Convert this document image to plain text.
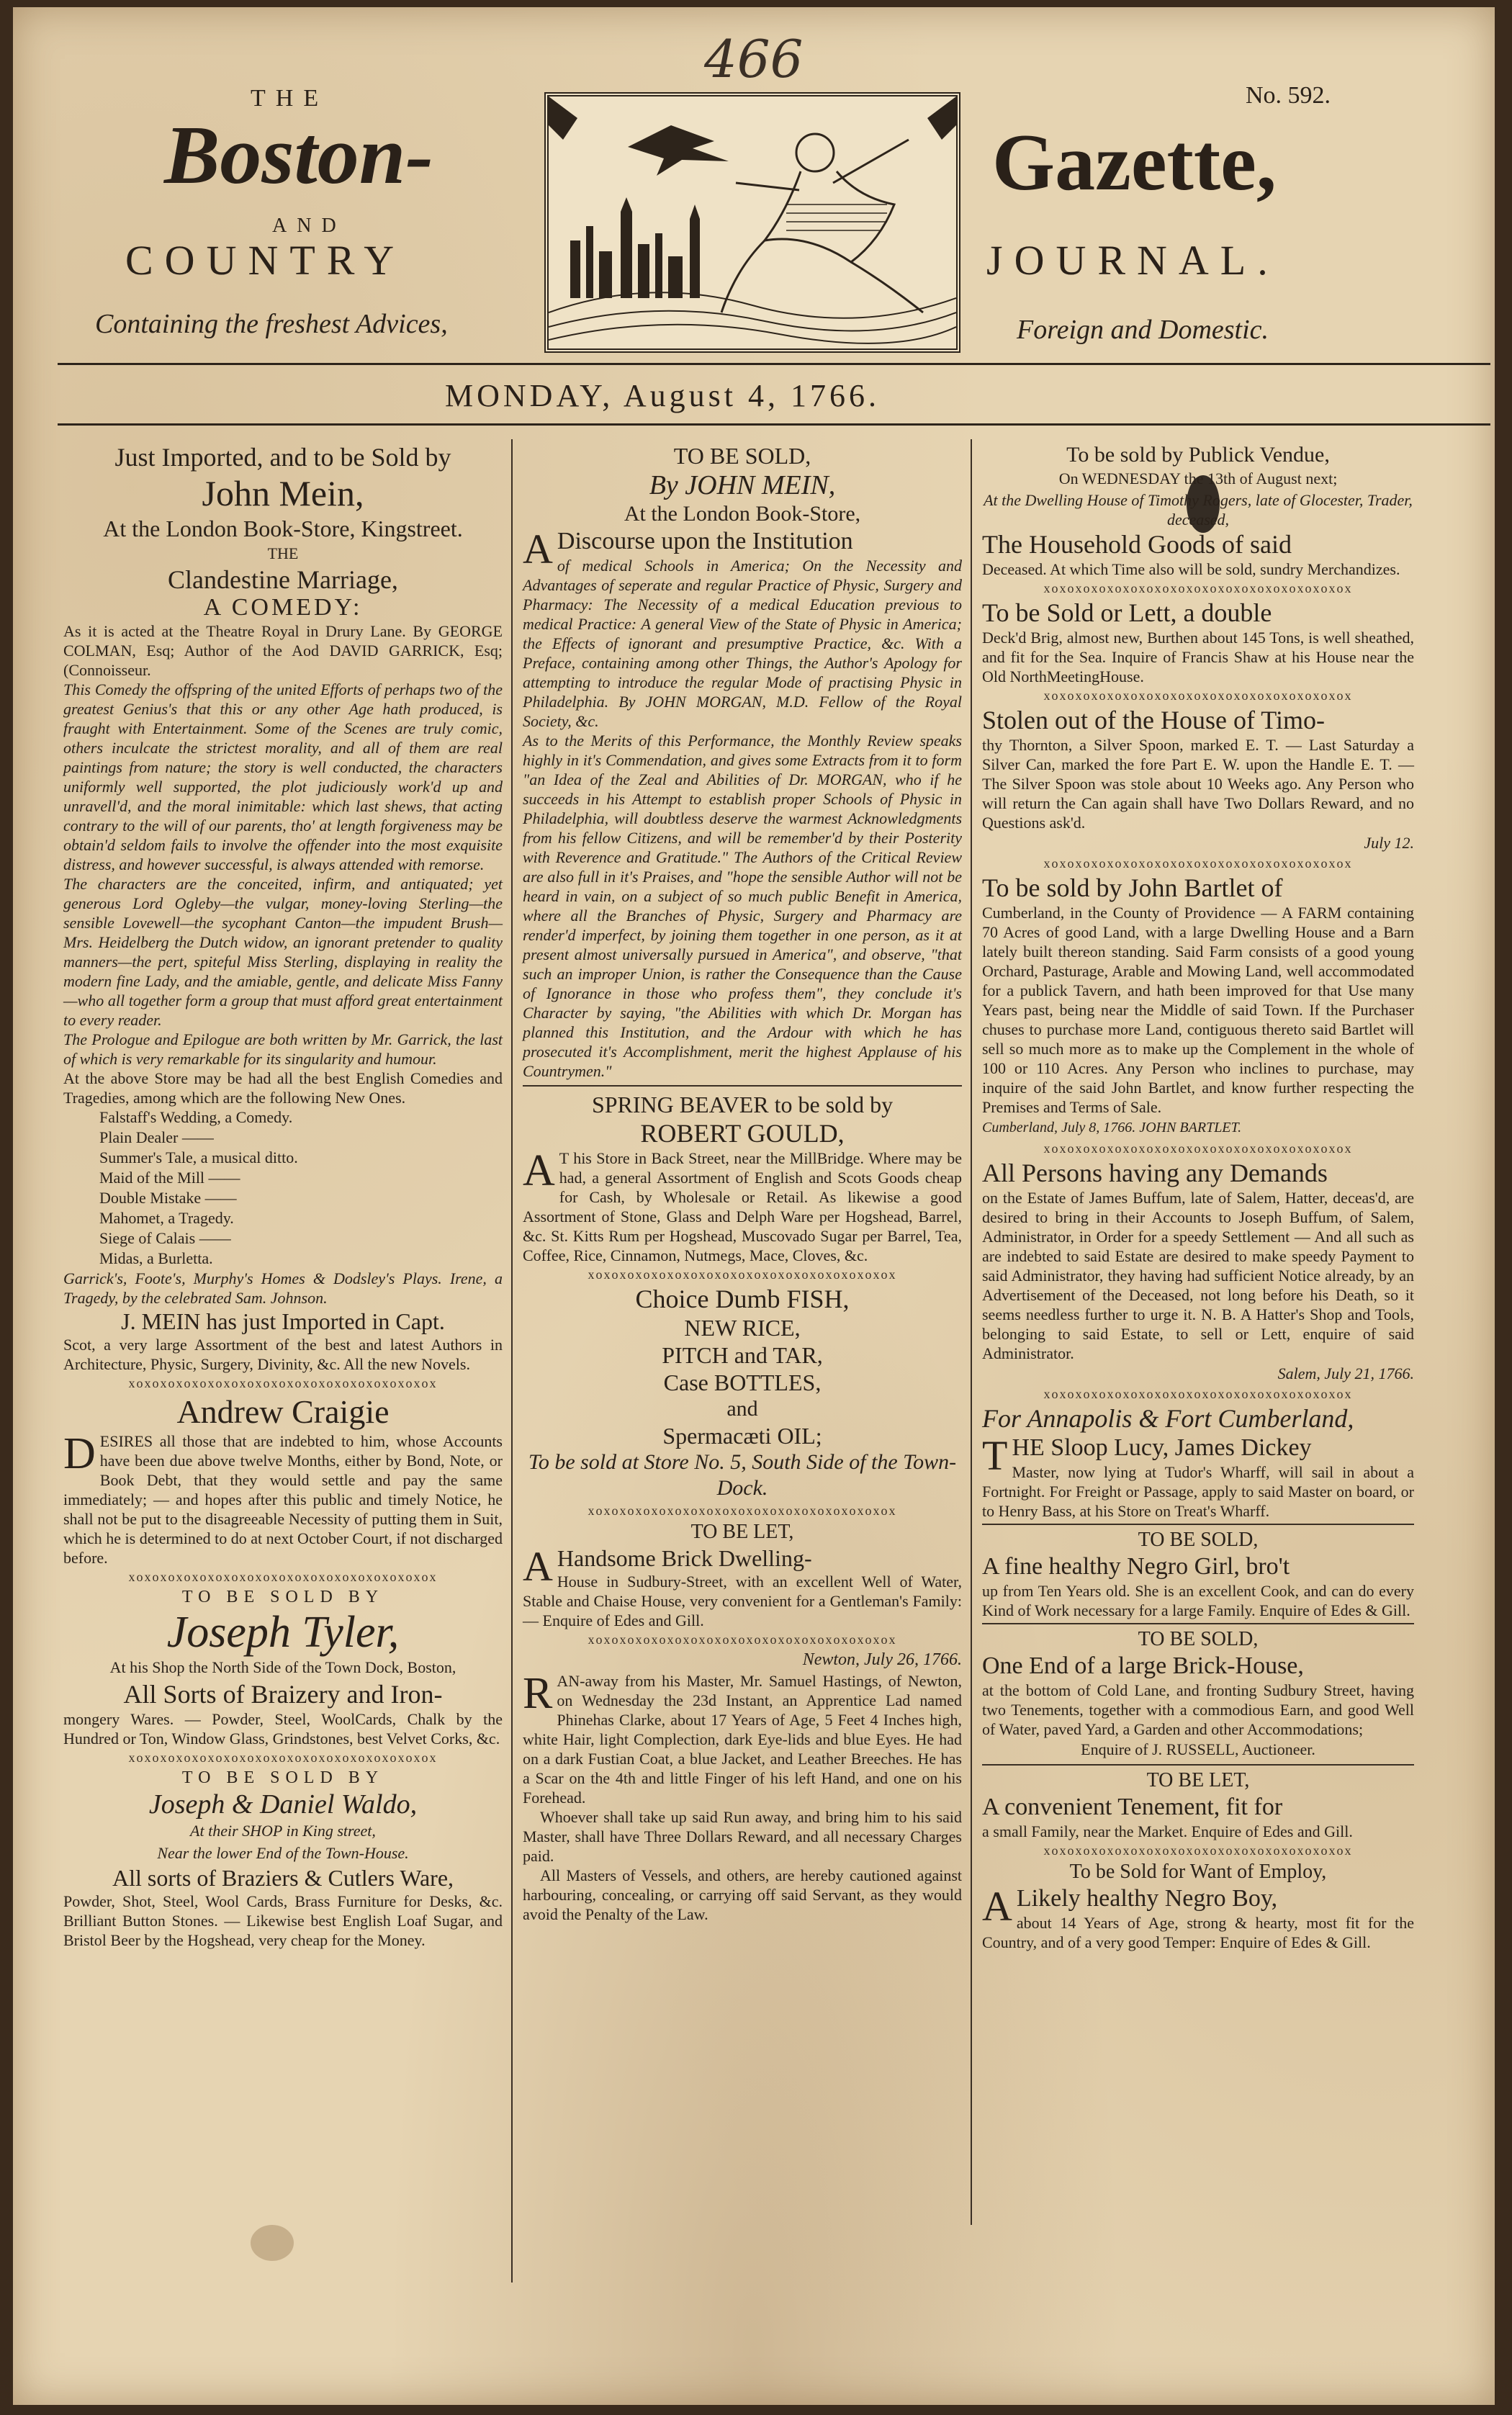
466
No. 592.
THE
Boston-
AND
COUNTRY
Gazette,
JOURNAL.
Containing the freshest Advices,	Foreign and Domestic.
MONDAY, August 4, 1766.

Just Imported, and to be Sold by

John Mein,

At the London Book-Store, Kingstreet.

THE

Clandestine Marriage,

A COMEDY:

As it is acted at the Theatre Royal in Drury Lane. By GEORGE COLMAN, Esq; Author of the Aod DAVID GARRICK, Esq; (Connoisseur.

This Comedy the offspring of the united Efforts of perhaps two of the greatest Genius's that this or any other Age hath produced, is fraught with Entertainment. Some of the Scenes are truly comic, others inculcate the strictest morality, and all of them are real paintings from nature; the story is well conducted, the characters uniformly well supported, the plot judiciously work'd up and unravell'd, and the moral inimitable: which last shews, that acting contrary to the will of our parents, tho' at length forgiveness may be obtain'd seldom fails to involve the offender into the most exquisite distress, and however successful, is always attended with remorse.

The characters are the conceited, infirm, and antiquated; yet generous Lord Ogleby—the vulgar, money-loving Sterling—the sensible Lovewell—the sycophant Canton—the impudent Brush—Mrs. Heidelberg the Dutch widow, an ignorant pretender to quality manners—the pert, spiteful Miss Sterling, displaying in reality the modern fine Lady, and the amiable, gentle, and delicate Miss Fanny—who all together form a group that must afford great entertainment to every reader.

The Prologue and Epilogue are both written by Mr. Garrick, the last of which is very remarkable for its singularity and humour.

At the above Store may be had all the best English Comedies and Tragedies, among which are the following New Ones.

Falstaff's Wedding, a Comedy.

Plain Dealer ——

Summer's Tale, a musical ditto.

Maid of the Mill ——

Double Mistake ——

Mahomet, a Tragedy.

Siege of Calais ——

Midas, a Burletta.

Garrick's, Foote's, Murphy's Homes & Dodsley's Plays. Irene, a Tragedy, by the celebrated Sam. Johnson.

J. MEIN has just Imported in Capt.

Scot, a very large Assortment of the best and latest Authors in Architecture, Physic, Surgery, Divinity, &c. All the new Novels.

xoxoxoxoxoxoxoxoxoxoxoxoxoxoxoxoxoxoxox

Andrew Craigie

DESIRES all those that are indebted to him, whose Accounts have been due above twelve Months, either by Bond, Note, or Book Debt, that they would settle and pay the same immediately; — and hopes after this public and timely Notice, he shall not be put to the disagreeable Necessity of putting them in Suit, which he is determined to do at next October Court, if not discharged before.

xoxoxoxoxoxoxoxoxoxoxoxoxoxoxoxoxoxoxox

TO BE SOLD BY

Joseph Tyler,

At his Shop the North Side of the Town Dock, Boston,

All Sorts of Braizery and Iron-

mongery Wares. — Powder, Steel, WoolCards, Chalk by the Hundred or Ton, Window Glass, Grindstones, best Velvet Corks, &c.

xoxoxoxoxoxoxoxoxoxoxoxoxoxoxoxoxoxoxox

TO BE SOLD BY

Joseph & Daniel Waldo,

At their SHOP in King street,

Near the lower End of the Town-House.

All sorts of Braziers & Cutlers Ware,

Powder, Shot, Steel, Wool Cards, Brass Furniture for Desks, &c. Brilliant Button Stones. — Likewise best English Loaf Sugar, and Bristol Beer by the Hogshead, very cheap for the Money.

TO BE SOLD,

By JOHN MEIN,

At the London Book-Store,

A Discourse upon the Institution

of medical Schools in America; On the Necessity and Advantages of seperate and regular Practice of Physic, Surgery and Pharmacy: The Necessity of a medical Education previous to medical Practice: A general View of the State of Physic in America; the Effects of ignorant and presumptive Practice, &c. With a Preface, containing among other Things, the Author's Apology for attempting to introduce the regular Mode of practising Physic in Philadelphia. By JOHN MORGAN, M.D. Fellow of the Royal Society, &c.

As to the Merits of this Performance, the Monthly Review speaks highly in it's Commendation, and gives some Extracts from it to form "an Idea of the Zeal and Abilities of Dr. MORGAN, who if he succeeds in his Attempt to establish proper Schools of Physic in Philadelphia, will doubtless deserve the warmest Acknowledgments from his fellow Citizens, and will be remember'd by their Posterity with Reverence and Gratitude." The Authors of the Critical Review are also full in it's Praises, and "hope the sensible Author will not be heard in vain, on a subject of so much public Benefit in America, where all the Branches of Physic, Surgery and Pharmacy are render'd imperfect, by joining them together in one person, as it at present almost universally pursued in America", and observe, "that such an improper Union, is rather the Consequence than the Cause of Ignorance in those who profess them", they conclude it's Character by saying, "the Abilities with which Dr. Morgan has planned this Institution, and the Ardour with which he has prosecuted it's Accomplishment, merit the highest Applause of his Countrymen."

SPRING BEAVER to be sold by

ROBERT GOULD,

A T his Store in Back Street, near the MillBridge. Where may be had, a general Assortment of English and Scots Goods cheap for Cash, by Wholesale or Retail. As likewise a good Assortment of Stone, Glass and Delph Ware per Hogshead, Barrel, &c. St. Kitts Rum per Hogshead, Muscovado Sugar per Barrel, Tea, Coffee, Rice, Cinnamon, Nutmegs, Mace, Cloves, &c.

xoxoxoxoxoxoxoxoxoxoxoxoxoxoxoxoxoxoxox

Choice Dumb FISH,

NEW RICE,

PITCH and TAR,

Case BOTTLES,

and

Spermacæti OIL;

To be sold at Store No. 5, South Side of the Town-Dock.

xoxoxoxoxoxoxoxoxoxoxoxoxoxoxoxoxoxoxox

TO BE LET,

A Handsome Brick Dwelling-

House in Sudbury-Street, with an excellent Well of Water, Stable and Chaise House, very convenient for a Gentleman's Family: — Enquire of Edes and Gill.

xoxoxoxoxoxoxoxoxoxoxoxoxoxoxoxoxoxoxox

Newton, July 26, 1766.

RAN-away from his Master, Mr. Samuel Hastings, of Newton, on Wednesday the 23d Instant, an Apprentice Lad named Phinehas Clarke, about 17 Years of Age, 5 Feet 4 Inches high, white Hair, light Complection, dark Eye-lids and blue Eyes. He had on a dark Fustian Coat, a blue Jacket, and Leather Breeches. He has a Scar on the 4th and little Finger of his left Hand, and one on his Forehead.

Whoever shall take up said Run away, and bring him to his said Master, shall have Three Dollars Reward, and all necessary Charges paid.

All Masters of Vessels, and others, are hereby cautioned against harbouring, concealing, or carrying off said Servant, as they would avoid the Penalty of the Law.

To be sold by Publick Vendue,

On WEDNESDAY the 13th of August next;

At the Dwelling House of Timothy Rogers, late of Glocester, Trader, deceased,

The Household Goods of said

Deceased. At which Time also will be sold, sundry Merchandizes.

xoxoxoxoxoxoxoxoxoxoxoxoxoxoxoxoxoxoxox

To be Sold or Lett, a double

Deck'd Brig, almost new, Burthen about 145 Tons, is well sheathed, and fit for the Sea. Inquire of Francis Shaw at his House near the Old NorthMeetingHouse.

xoxoxoxoxoxoxoxoxoxoxoxoxoxoxoxoxoxoxox

Stolen out of the House of Timo-

thy Thornton, a Silver Spoon, marked E. T. — Last Saturday a Silver Can, marked the fore Part E. W. upon the Handle E. T. — The Silver Spoon was stole about 10 Weeks ago. Any Person who will return the Can again shall have Two Dollars Reward, and no Questions ask'd.

July 12.

xoxoxoxoxoxoxoxoxoxoxoxoxoxoxoxoxoxoxox

To be sold by John Bartlet of

Cumberland, in the County of Providence — A FARM containing 70 Acres of good Land, with a large Dwelling House and a Barn lately built thereon standing. Said Farm consists of a good young Orchard, Pasturage, Arable and Mowing Land, well accommodated for a publick Tavern, and hath been improved for that Use many Years past, being near the Middle of said Town. If the Purchaser chuses to purchase more Land, contiguous thereto said Bartlet will sell so much more as to make up the Complement in the whole of 100 or 110 Acres. Any Person who inclines to purchase, may inquire of the said John Bartlet, and know further respecting the Premises and Terms of Sale.

Cumberland, July 8, 1766. JOHN BARTLET.

xoxoxoxoxoxoxoxoxoxoxoxoxoxoxoxoxoxoxox

All Persons having any Demands

on the Estate of James Buffum, late of Salem, Hatter, deceas'd, are desired to bring in their Accounts to Joseph Buffum, of Salem, Administrator, in Order for a speedy Settlement — And all such as are indebted to said Estate are desired to make speedy Payment to said Administrator, they having had sufficient Notice already, by an Advertisement of the Deceased, not long before his Death, so it seems needless further to urge it. N. B. A Hatter's Shop and Tools, belonging to said Estate, to sell or Lett, enquire of said Administrator.

Salem, July 21, 1766.

xoxoxoxoxoxoxoxoxoxoxoxoxoxoxoxoxoxoxox

For Annapolis & Fort Cumberland,

THE Sloop Lucy, James Dickey

Master, now lying at Tudor's Wharff, will sail in about a Fortnight. For Freight or Passage, apply to said Master on board, or to Henry Bass, at his Store on Treat's Wharff.

TO BE SOLD,

A fine healthy Negro Girl, bro't

up from Ten Years old. She is an excellent Cook, and can do every Kind of Work necessary for a large Family. Enquire of Edes & Gill.

TO BE SOLD,

One End of a large Brick-House,

at the bottom of Cold Lane, and fronting Sudbury Street, having two Tenements, together with a commodious Earn, and good Well of Water, paved Yard, a Garden and other Accommodations;

Enquire of J. RUSSELL, Auctioneer.

TO BE LET,

A convenient Tenement, fit for

a small Family, near the Market. Enquire of Edes and Gill.

xoxoxoxoxoxoxoxoxoxoxoxoxoxoxoxoxoxoxox

To be Sold for Want of Employ,

A Likely healthy Negro Boy,

about 14 Years of Age, strong & hearty, most fit for the Country, and of a very good Temper: Enquire of Edes & Gill.
